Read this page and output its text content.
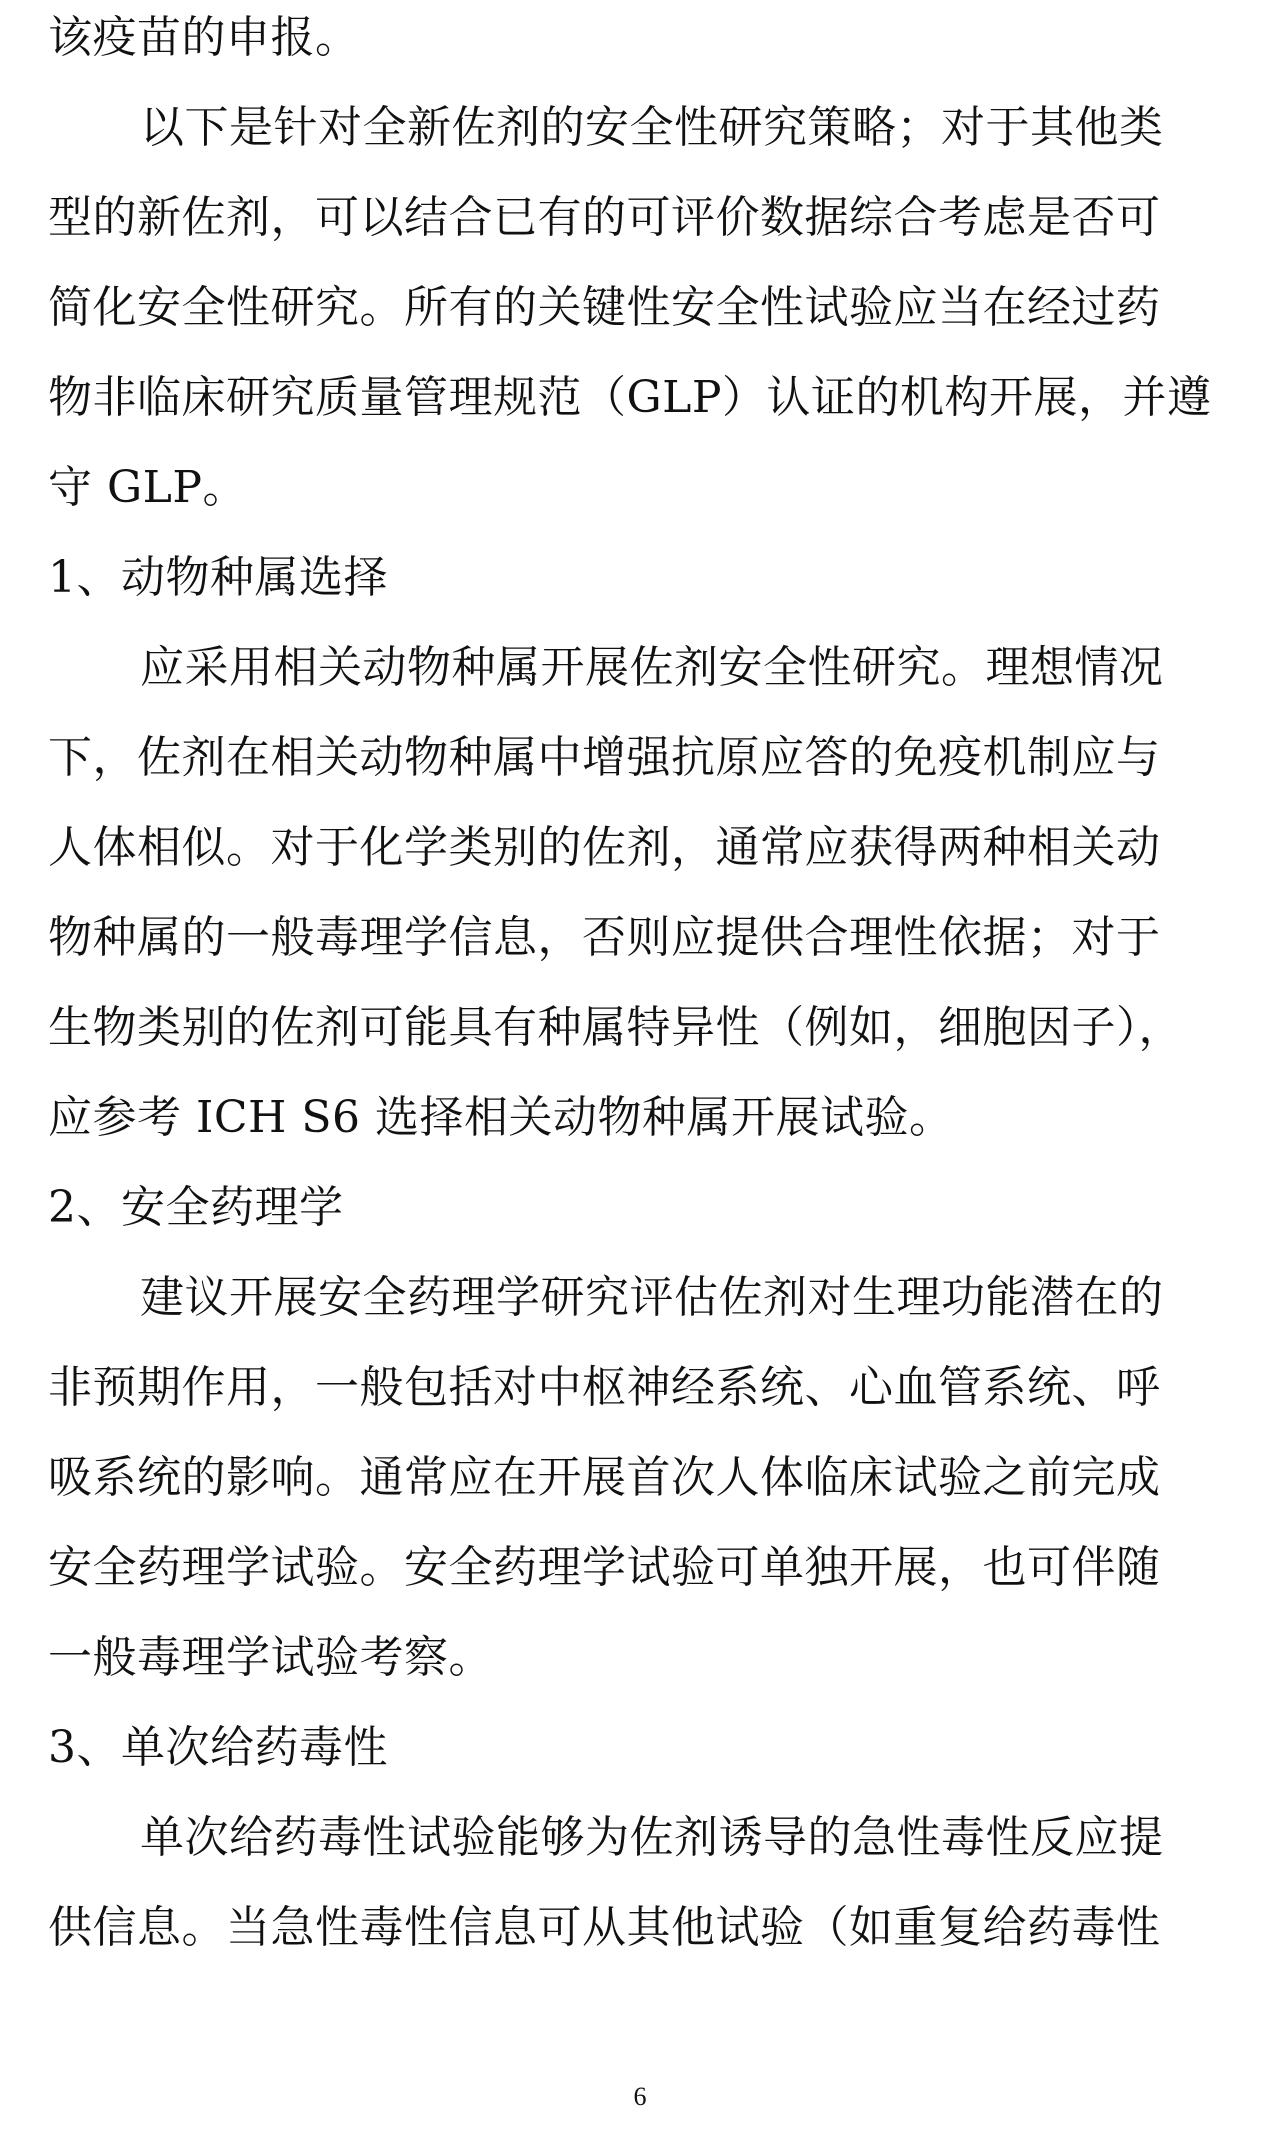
该疫苗的申报。
以下是针对全新佐剂的安全性研究策略；对于其他类
型的新佐剂，可以结合已有的可评价数据综合考虑是否可
简化安全性研究。所有的关键性安全性试验应当在经过药
物非临床研究质量管理规范（GLP）认证的机构开展，并遵
守 GLP。
1、动物种属选择
应采用相关动物种属开展佐剂安全性研究。理想情况
下，佐剂在相关动物种属中增强抗原应答的免疫机制应与
人体相似。对于化学类别的佐剂，通常应获得两种相关动
物种属的一般毒理学信息，否则应提供合理性依据；对于
生物类别的佐剂可能具有种属特异性（例如，细胞因子），
应参考 ICH S6 选择相关动物种属开展试验。
2、安全药理学
建议开展安全药理学研究评估佐剂对生理功能潜在的
非预期作用，一般包括对中枢神经系统、心血管系统、呼
吸系统的影响。通常应在开展首次人体临床试验之前完成
安全药理学试验。安全药理学试验可单独开展，也可伴随
一般毒理学试验考察。
3、单次给药毒性
单次给药毒性试验能够为佐剂诱导的急性毒性反应提
供信息。当急性毒性信息可从其他试验（如重复给药毒性
6
